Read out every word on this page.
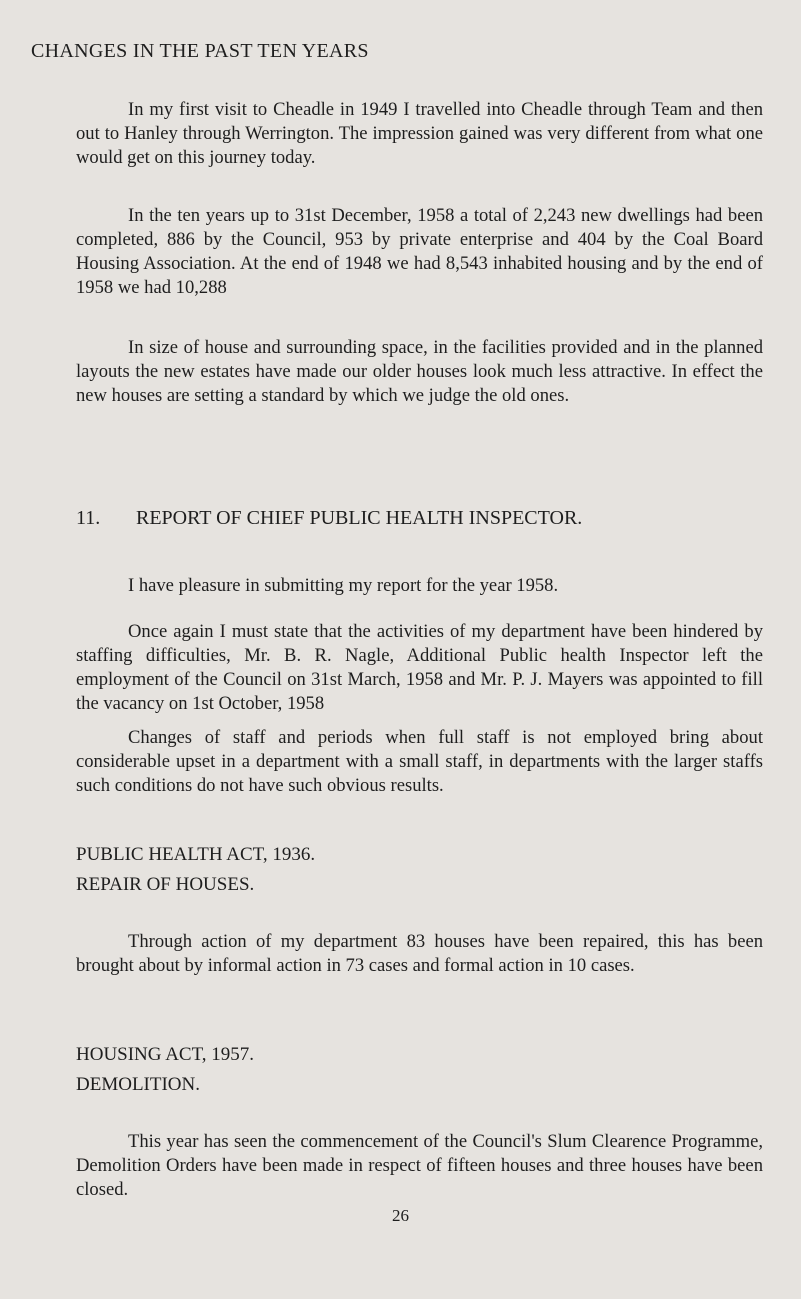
CHANGES IN THE PAST TEN YEARS

In my first visit to Cheadle in 1949 I travelled into Cheadle through Team and then out to Hanley through Werrington. The impression gained was very different from what one would get on this journey today.

In the ten years up to 31st December, 1958 a total of 2,243 new dwellings had been completed, 886 by the Council, 953 by private enterprise and 404 by the Coal Board Housing Association. At the end of 1948 we had 8,543 inhabited housing and by the end of 1958 we had 10,288

In size of house and surrounding space, in the facilities provided and in the planned layouts the new estates have made our older houses look much less attractive. In effect the new houses are setting a standard by which we judge the old ones.

11. REPORT OF CHIEF PUBLIC HEALTH INSPECTOR.

I have pleasure in submitting my report for the year 1958.

Once again I must state that the activities of my department have been hindered by staffing difficulties, Mr. B. R. Nagle, Additional Public health Inspector left the employment of the Council on 31st March, 1958 and Mr. P. J. Mayers was appointed to fill the vacancy on 1st October, 1958

Changes of staff and periods when full staff is not employed bring about considerable upset in a department with a small staff, in departments with the larger staffs such conditions do not have such obvious results.

PUBLIC HEALTH ACT, 1936.
REPAIR OF HOUSES.

Through action of my department 83 houses have been repaired, this has been brought about by informal action in 73 cases and formal action in 10 cases.

HOUSING ACT, 1957.
DEMOLITION.

This year has seen the commencement of the Council's Slum Clearence Programme, Demolition Orders have been made in respect of fifteen houses and three houses have been closed.

26
